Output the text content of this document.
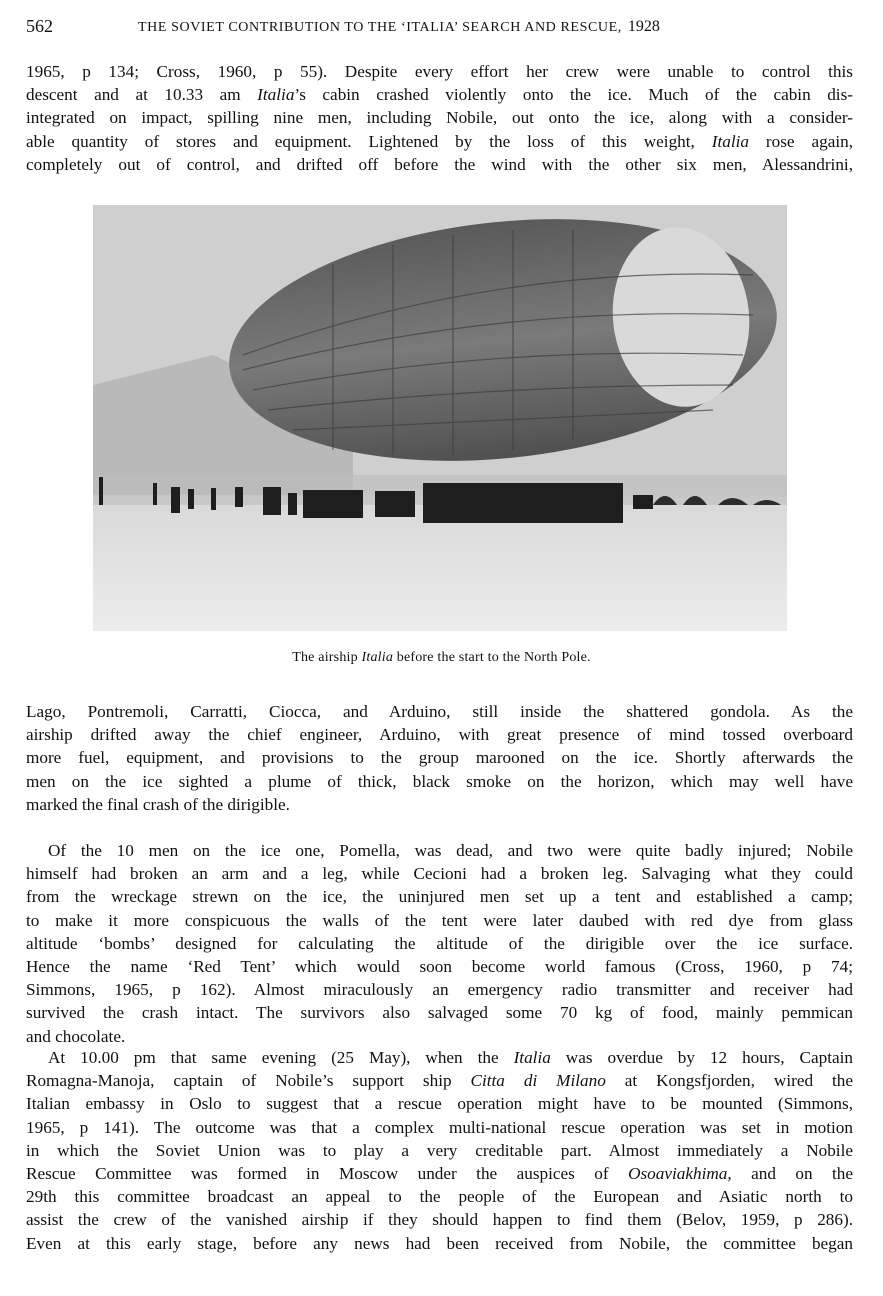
562	THE SOVIET CONTRIBUTION TO THE ‘ITALIA’ SEARCH AND RESCUE, 1928
1965, p 134; Cross, 1960, p 55). Despite every effort her crew were unable to control this
descent and at 10.33 am Italia’s cabin crashed violently onto the ice. Much of the cabin dis-
integrated on impact, spilling nine men, including Nobile, out onto the ice, along with a consider-
able quantity of stores and equipment. Lightened by the loss of this weight, Italia rose again,
completely out of control, and drifted off before the wind with the other six men, Alessandrini,
The airship Italia before the start to the North Pole.
Lago, Pontremoli, Carratti, Ciocca, and Arduino, still inside the shattered gondola. As the
airship drifted away the chief engineer, Arduino, with great presence of mind tossed overboard
more fuel, equipment, and provisions to the group marooned on the ice. Shortly afterwards the
men on the ice sighted a plume of thick, black smoke on the horizon, which may well have
marked the final crash of the dirigible.
Of the 10 men on the ice one, Pomella, was dead, and two were quite badly injured; Nobile
himself had broken an arm and a leg, while Cecioni had a broken leg. Salvaging what they could
from the wreckage strewn on the ice, the uninjured men set up a tent and established a camp;
to make it more conspicuous the walls of the tent were later daubed with red dye from glass
altitude ‘bombs’ designed for calculating the altitude of the dirigible over the ice surface.
Hence the name ‘Red Tent’ which would soon become world famous (Cross, 1960, p 74;
Simmons, 1965, p 162). Almost miraculously an emergency radio transmitter and receiver had
survived the crash intact. The survivors also salvaged some 70 kg of food, mainly pemmican
and chocolate.
At 10.00 pm that same evening (25 May), when the Italia was overdue by 12 hours, Captain
Romagna-Manoja, captain of Nobile’s support ship Citta di Milano at Kongsfjorden, wired the
Italian embassy in Oslo to suggest that a rescue operation might have to be mounted (Simmons,
1965, p 141). The outcome was that a complex multi-national rescue operation was set in motion
in which the Soviet Union was to play a very creditable part. Almost immediately a Nobile
Rescue Committee was formed in Moscow under the auspices of Osoaviakhima, and on the
29th this committee broadcast an appeal to the people of the European and Asiatic north to
assist the crew of the vanished airship if they should happen to find them (Belov, 1959, p 286).
Even at this early stage, before any news had been received from Nobile, the committee began
